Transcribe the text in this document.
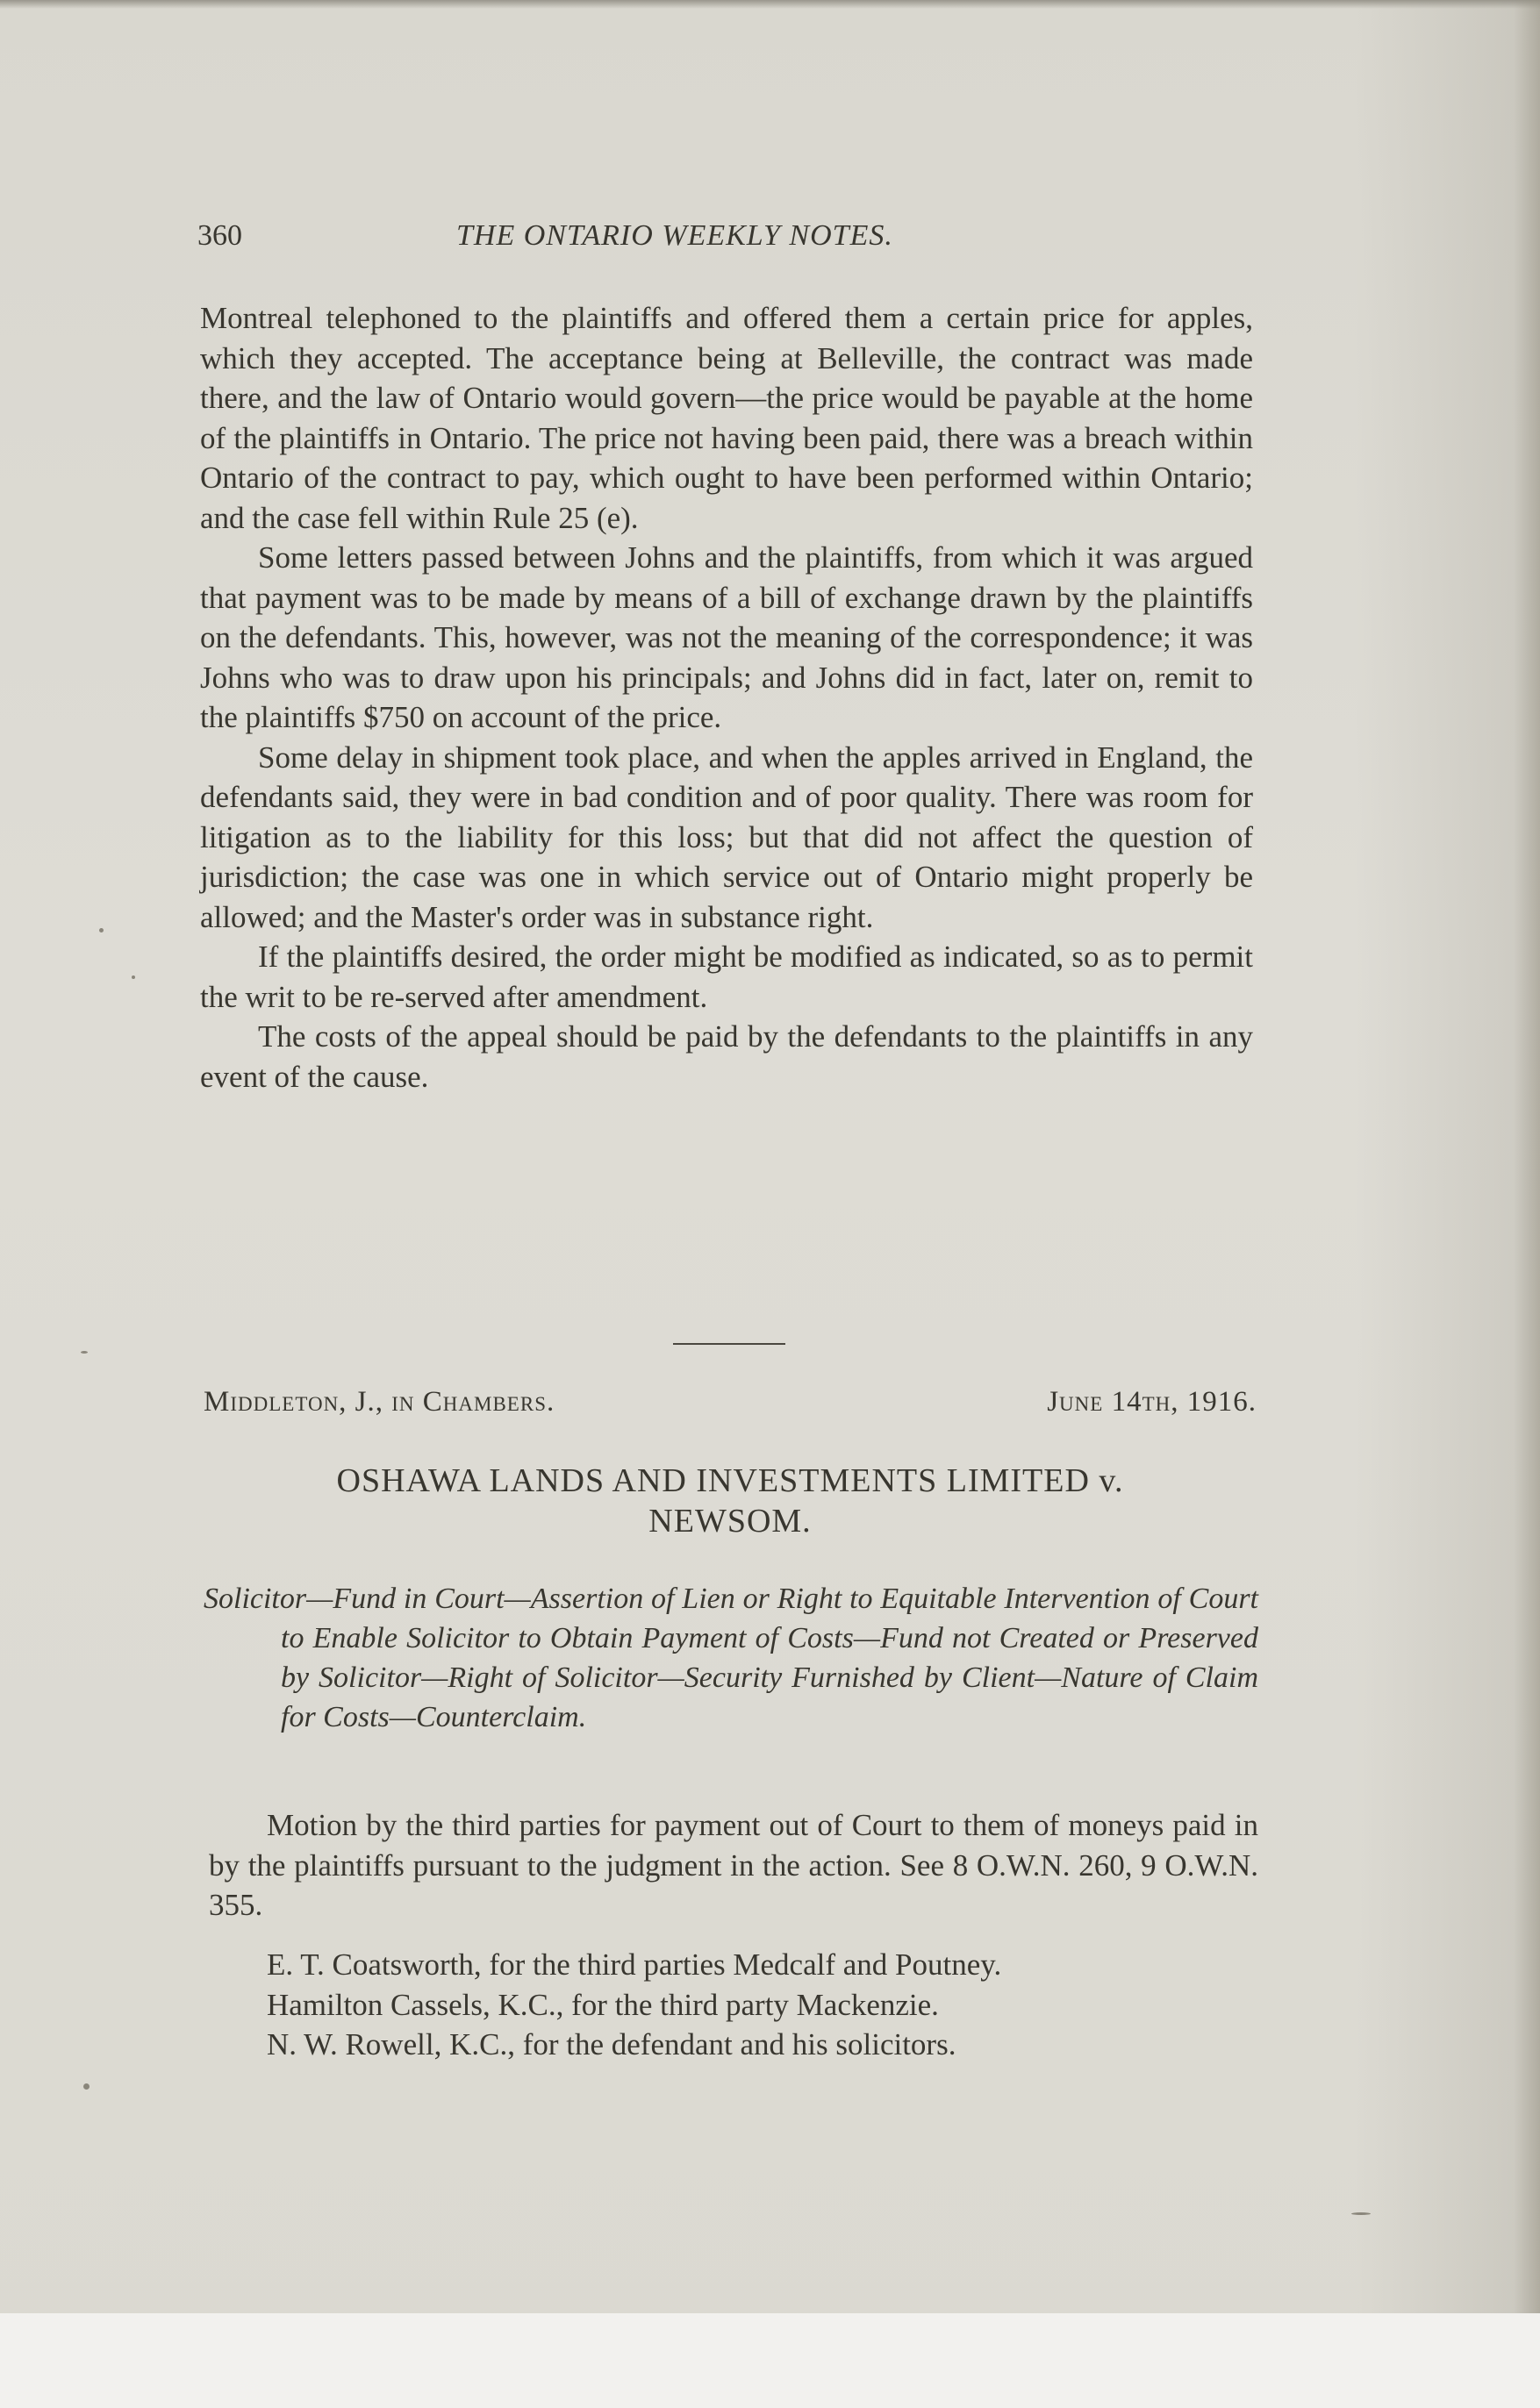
360	THE ONTARIO WEEKLY NOTES.

Montreal telephoned to the plaintiffs and offered them a certain price for apples, which they accepted. The acceptance being at Belleville, the contract was made there, and the law of Ontario would govern—the price would be payable at the home of the plaintiffs in Ontario. The price not having been paid, there was a breach within Ontario of the contract to pay, which ought to have been performed within Ontario; and the case fell within Rule 25 (e).

Some letters passed between Johns and the plaintiffs, from which it was argued that payment was to be made by means of a bill of exchange drawn by the plaintiffs on the defendants. This, however, was not the meaning of the correspondence; it was Johns who was to draw upon his principals; and Johns did in fact, later on, remit to the plaintiffs $750 on account of the price.

Some delay in shipment took place, and when the apples arrived in England, the defendants said, they were in bad condition and of poor quality. There was room for litigation as to the liability for this loss; but that did not affect the question of jurisdiction; the case was one in which service out of Ontario might properly be allowed; and the Master's order was in substance right.

If the plaintiffs desired, the order might be modified as indicated, so as to permit the writ to be re-served after amendment.

The costs of the appeal should be paid by the defendants to the plaintiffs in any event of the cause.

Middleton, J., in Chambers.	June 14th, 1916.
OSHAWA LANDS AND INVESTMENTS LIMITED v.
NEWSOM.
Solicitor—Fund in Court—Assertion of Lien or Right to Equitable Intervention of Court to Enable Solicitor to Obtain Payment of Costs—Fund not Created or Preserved by Solicitor—Right of Solicitor—Security Furnished by Client—Nature of Claim for Costs—Counterclaim.
Motion by the third parties for payment out of Court to them of moneys paid in by the plaintiffs pursuant to the judgment in the action. See 8 O.W.N. 260, 9 O.W.N. 355.
E. T. Coatsworth, for the third parties Medcalf and Poutney.
Hamilton Cassels, K.C., for the third party Mackenzie.
N. W. Rowell, K.C., for the defendant and his solicitors.
